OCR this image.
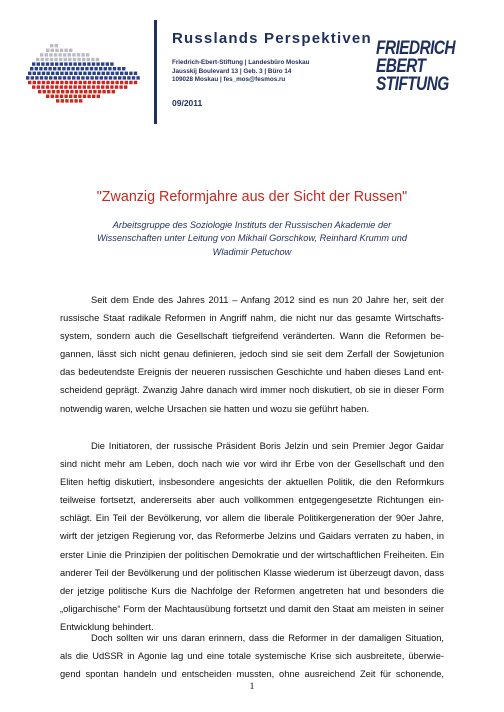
Russlands Perspektiven
Friedrich-Ebert-Stiftung | Landesbüro Moskau
Jausskij Boulevard 13 | Geb. 3 | Büro 14
109028 Moskau | fes_mos@fesmos.ru
09/2011
FRIEDRICH
EBERT
STIFTUNG
"Zwanzig Reformjahre aus der Sicht der Russen"
Arbeitsgruppe des Soziologie Instituts der Russischen Akademie der
Wissenschaften unter Leitung von Mikhail Gorschkow, Reinhard Krumm und
Wladimir Petuchow
Seit dem Ende des Jahres 2011 – Anfang 2012 sind es nun 20 Jahre her, seit der
russische Staat radikale Reformen in Angriff nahm, die nicht nur das gesamte Wirtschafts-
system, sondern auch die Gesellschaft tiefgreifend veränderten. Wann die Reformen be-
gannen, lässt sich nicht genau definieren, jedoch sind sie seit dem Zerfall der Sowjetunion
das bedeutendste Ereignis der neueren russischen Geschichte und haben dieses Land ent-
scheidend geprägt. Zwanzig Jahre danach wird immer noch diskutiert, ob sie in dieser Form
notwendig waren, welche Ursachen sie hatten und wozu sie geführt haben.
Die Initiatoren, der russische Präsident Boris Jelzin und sein Premier Jegor Gaidar
sind nicht mehr am Leben, doch nach wie vor wird ihr Erbe von der Gesellschaft und den
Eliten heftig diskutiert, insbesondere angesichts der aktuellen Politik, die den Reformkurs
teilweise fortsetzt, andererseits aber auch vollkommen entgegengesetzte Richtungen ein-
schlägt. Ein Teil der Bevölkerung, vor allem die liberale Politikergeneration der 90er Jahre,
wirft der jetzigen Regierung vor, das Reformerbe Jelzins und Gaidars verraten zu haben, in
erster Linie die Prinzipien der politischen Demokratie und der wirtschaftlichen Freiheiten. Ein
anderer Teil der Bevölkerung und der politischen Klasse wiederum ist überzeugt davon, dass
der jetzige politische Kurs die Nachfolge der Reformen angetreten hat und besonders die
„oligarchische“ Form der Machtausübung fortsetzt und damit den Staat am meisten in seiner
Entwicklung behindert.
Doch sollten wir uns daran erinnern, dass die Reformer in der damaligen Situation,
als die UdSSR in Agonie lag und eine totale systemische Krise sich ausbreitete, überwie-
gend spontan handeln und entscheiden mussten, ohne ausreichend Zeit für schonende,
1
